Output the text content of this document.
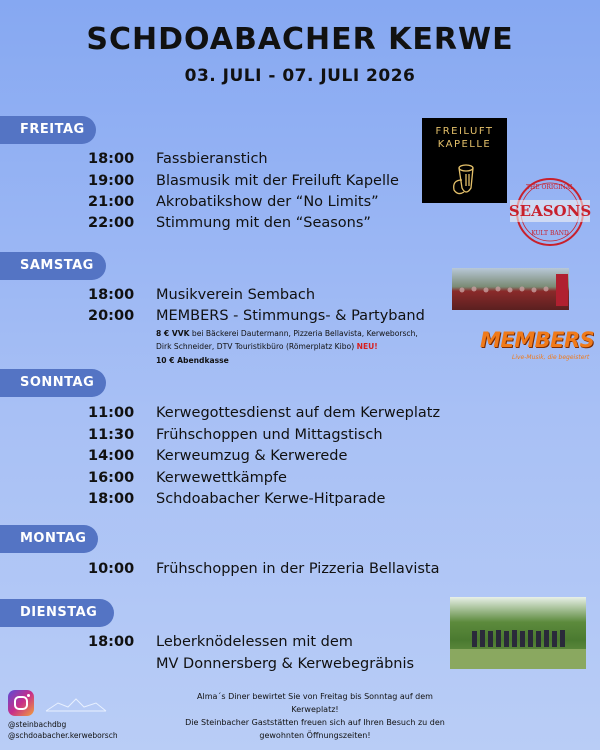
SCHDOABACHER KERWE
03. JULI - 07. JULI 2026
FREITAG
18:00	Fassbieranstich
19:00	Blasmusik mit der Freiluft Kapelle
21:00	Akrobatikshow der “No Limits”
22:00	Stimmung mit den “Seasons”
FREILUFT
KAPELLE
THE ORIGINAL
SEASONS
KULT BAND
SAMSTAG
18:00	Musikverein Sembach
20:00	MEMBERS - Stimmungs- & Partyband
8 € VVK bei Bäckerei Dautermann, Pizzeria Bellavista, Kerweborsch,
Dirk Schneider, DTV Touristikbüro (Römerplatz Kibo) NEU!
10 € Abendkasse
MEMBERS
Live-Musik, die begeistert
SONNTAG
11:00	Kerwegottesdienst auf dem Kerweplatz
11:30	Frühschoppen und Mittagstisch
14:00	Kerweumzug & Kerwerede
16:00	Kerwewettkämpfe
18:00	Schdoabacher Kerwe-Hitparade
MONTAG
10:00	Frühschoppen in der Pizzeria Bellavista
DIENSTAG
18:00	Leberknödelessen mit dem
MV Donnersberg & Kerwebegräbnis
@steinbachdbg
@schdoabacher.kerweborsch
Alma´s Diner bewirtet Sie von Freitag bis Sonntag auf dem
Kerweplatz!
Die Steinbacher Gaststätten freuen sich auf Ihren Besuch zu den
gewohnten Öffnungszeiten!
